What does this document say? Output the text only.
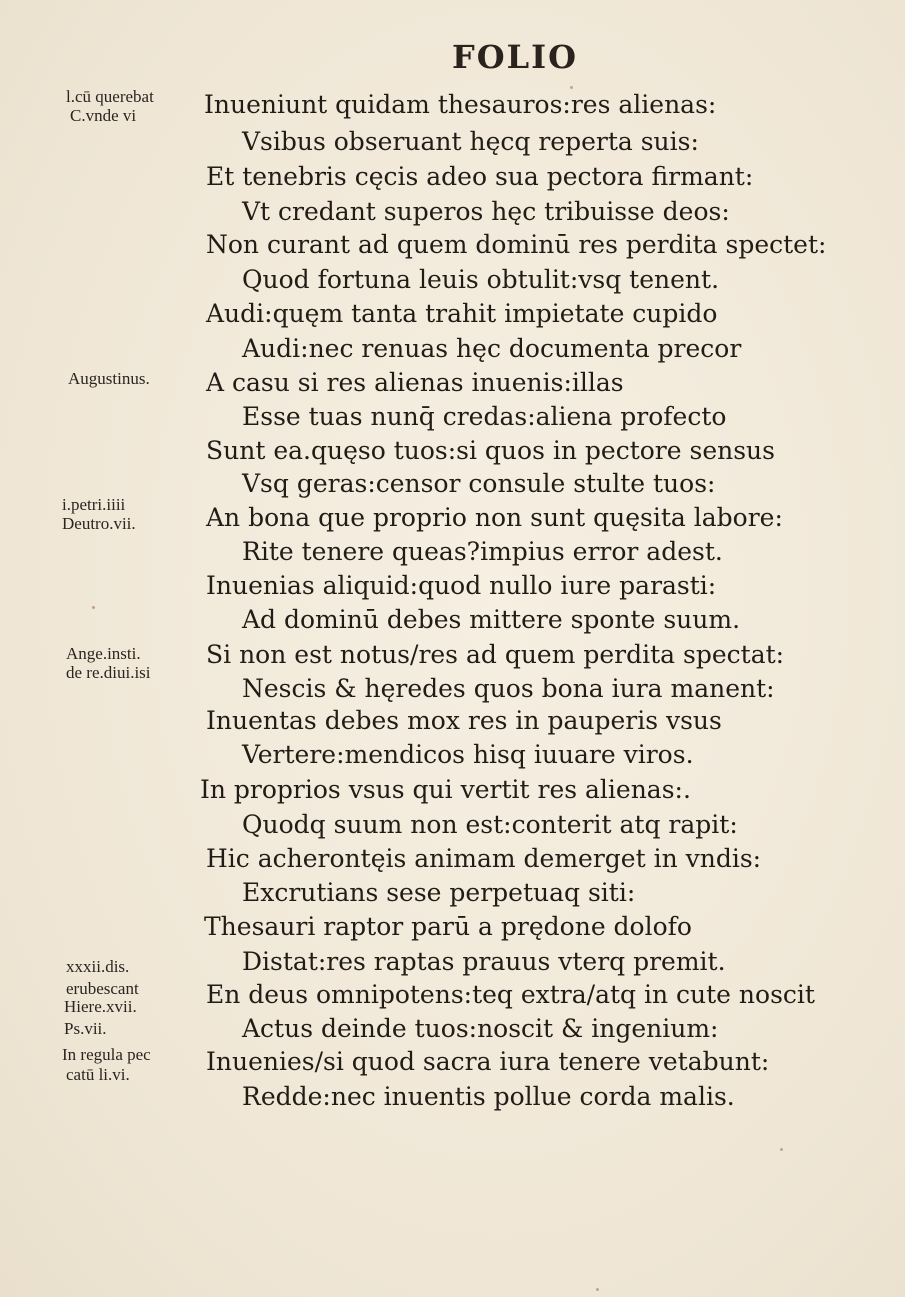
FOLIO
l.cū querebat
C.vnde vi
Augustinus.
i.petri.iiii
Deutro.vii.
Ange.insti.
de re.diui.isi
xxxii.dis.
erubescant
Hiere.xvii.
Ps.vii.
In regula pec
catū li.vi.
Inueniunt quidam thesauros:res alienas:
Vsibus obseruant hęcq reperta suis:
Et tenebris cęcis adeo sua pectora firmant:
Vt credant superos hęc tribuisse deos:
Non curant ad quem dominū res perdita spectet:
Quod fortuna leuis obtulit:vsq tenent.
Audi:quęm tanta trahit impietate cupido
Audi:nec renuas hęc documenta precor
A casu si res alienas inuenis:illas
Esse tuas nunq̄ credas:aliena profecto
Sunt ea.quęso tuos:si quos in pectore sensus
Vsq geras:censor consule stulte tuos:
An bona que proprio non sunt quęsita labore:
Rite tenere queas?impius error adest.
Inuenias aliquid:quod nullo iure parasti:
Ad dominū debes mittere sponte suum.
Si non est notus/res ad quem perdita spectat:
Nescis & hęredes quos bona iura manent:
Inuentas debes mox res in pauperis vsus
Vertere:mendicos hisq iuuare viros.
In proprios vsus qui vertit res alienas:.
Quodq suum non est:conterit atq rapit:
Hic acherontęis animam demerget in vndis:
Excrutians sese perpetuaq siti:
Thesauri raptor parū a prędone dolofo
Distat:res raptas prauus vterq premit.
En deus omnipotens:teq extra/atq in cute noscit
Actus deinde tuos:noscit & ingenium:
Inuenies/si quod sacra iura tenere vetabunt:
Redde:nec inuentis pollue corda malis.
